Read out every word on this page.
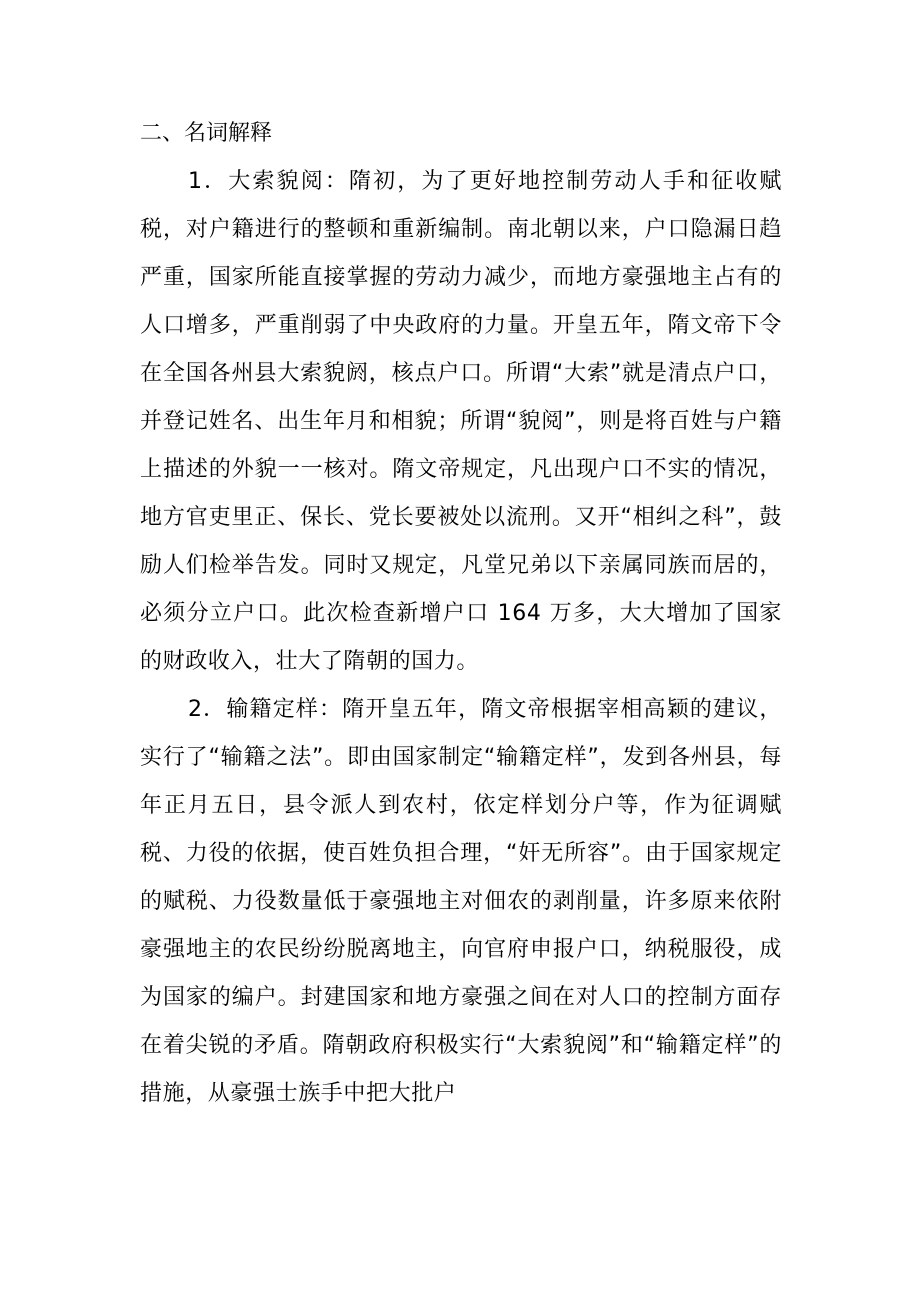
二、名词解释

1．大索貌阅：隋初，为了更好地控制劳动人手和征收赋税，对户籍进行的整顿和重新编制。南北朝以来，户口隐漏日趋严重，国家所能直接掌握的劳动力减少，而地方豪强地主占有的人口增多，严重削弱了中央政府的力量。开皇五年，隋文帝下令在全国各州县大索貌阏，核点户口。所谓“大索”就是清点户口，并登记姓名、出生年月和相貌；所谓“貌阅”，则是将百姓与户籍上描述的外貌一一核对。隋文帝规定，凡出现户口不实的情况，地方官吏里正、保长、党长要被处以流刑。又开“相纠之科”，鼓励人们检举告发。同时又规定，凡堂兄弟以下亲属同族而居的，必须分立户口。此次检查新增户口 164 万多，大大增加了国家的财政收入，壮大了隋朝的国力。

2．输籍定样：隋开皇五年，隋文帝根据宰相高颖的建议，实行了“输籍之法”。即由国家制定“输籍定样”，发到各州县，每年正月五日，县令派人到农村，依定样划分户等，作为征调赋税、力役的依据，使百姓负担合理，“奸无所容”。由于国家规定的赋税、力役数量低于豪强地主对佃农的剥削量，许多原来依附豪强地主的农民纷纷脱离地主，向官府申报户口，纳税服役，成为国家的编户。封建国家和地方豪强之间在对人口的控制方面存在着尖锐的矛盾。隋朝政府积极实行“大索貌阅”和“输籍定样”的措施，从豪强士族手中把大批户
